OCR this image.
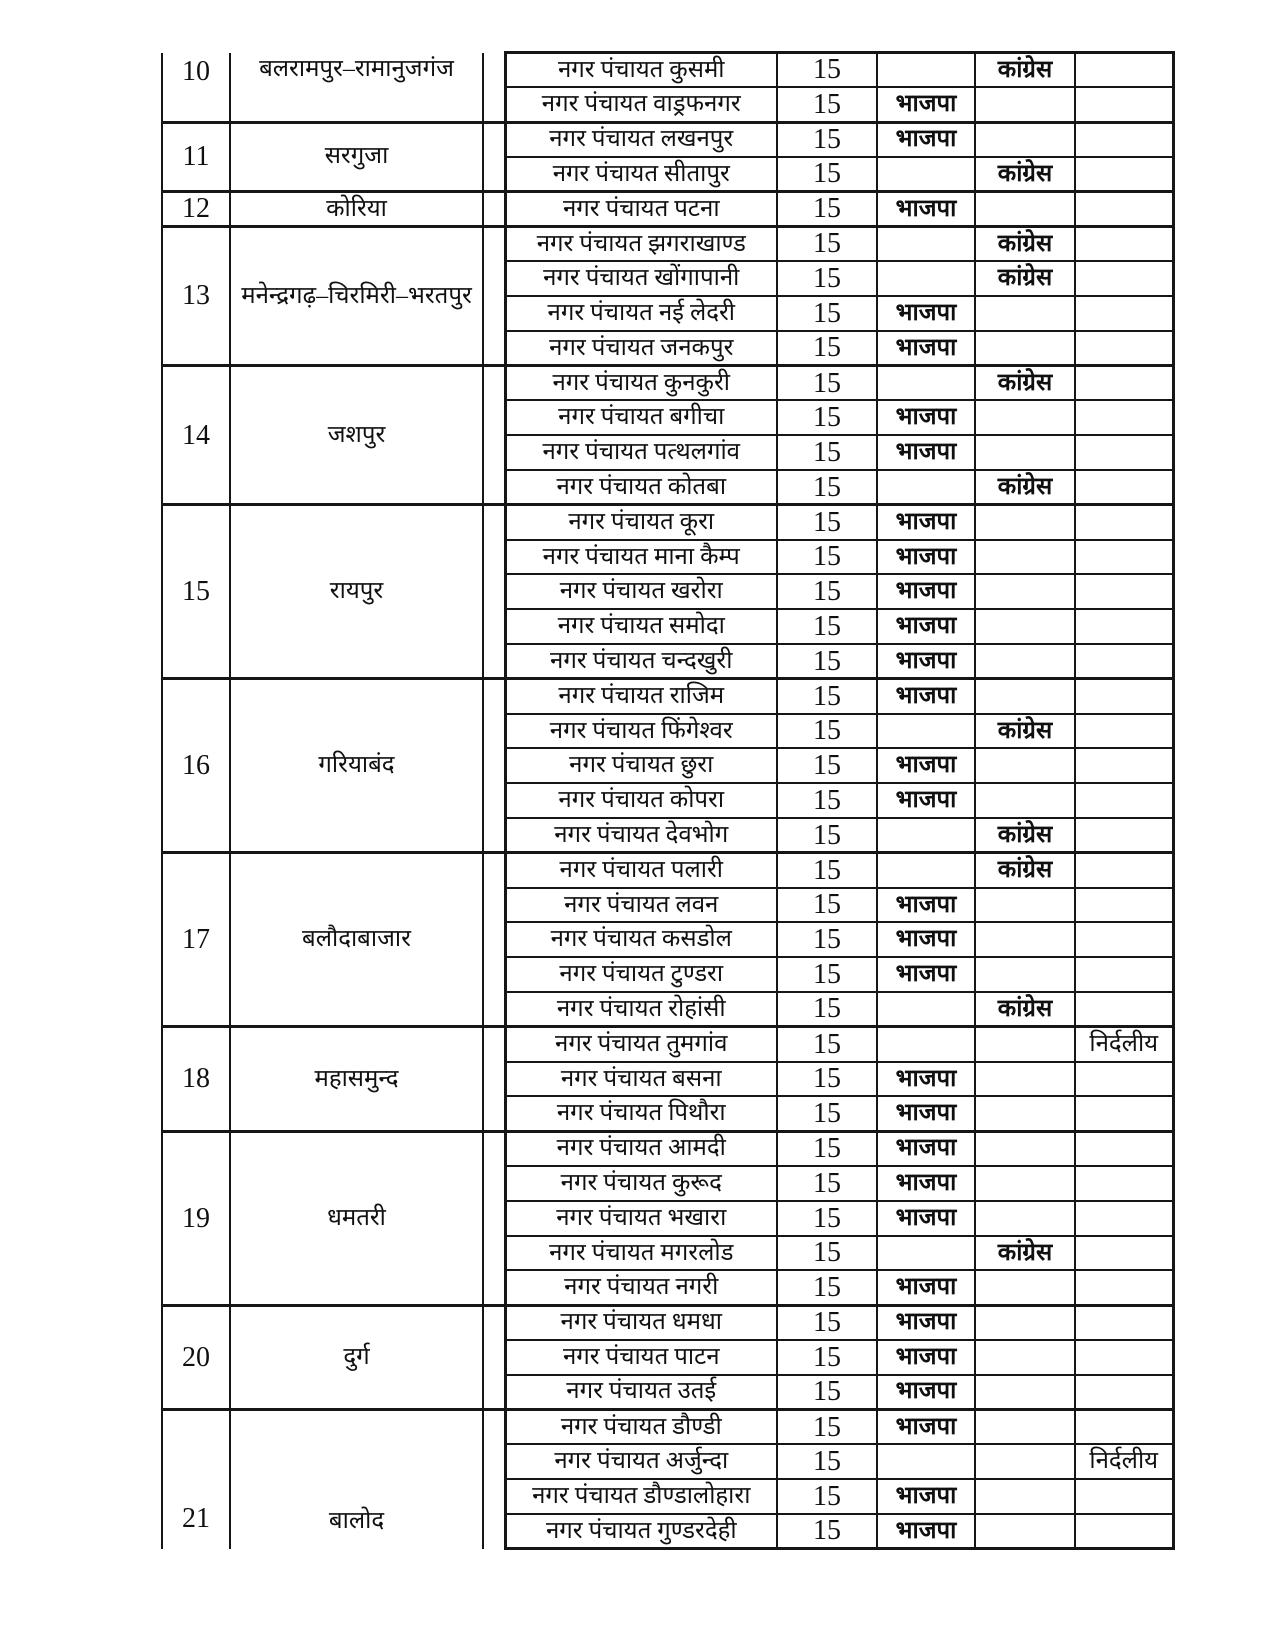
10	बलरामपुर–रामानुजगंज		नगर पंचायत कुसमी	15		कांग्रेस	
			नगर पंचायत वाड्रफनगर	15	भाजपा		
11	सरगुजा		नगर पंचायत लखनपुर	15	भाजपा		
			नगर पंचायत सीतापुर	15		कांग्रेस	
12	कोरिया		नगर पंचायत पटना	15	भाजपा		
13	मनेन्द्रगढ़–चिरमिरी–भरतपुर		नगर पंचायत झगराखाण्ड	15		कांग्रेस	
			नगर पंचायत खोंगापानी	15		कांग्रेस	
			नगर पंचायत नई लेदरी	15	भाजपा		
			नगर पंचायत जनकपुर	15	भाजपा		
14	जशपुर		नगर पंचायत कुनकुरी	15		कांग्रेस	
			नगर पंचायत बगीचा	15	भाजपा		
			नगर पंचायत पत्थलगांव	15	भाजपा		
			नगर पंचायत कोतबा	15		कांग्रेस	
15	रायपुर		नगर पंचायत कूरा	15	भाजपा		
			नगर पंचायत माना कैम्प	15	भाजपा		
			नगर पंचायत खरोरा	15	भाजपा		
			नगर पंचायत समोदा	15	भाजपा		
			नगर पंचायत चन्दखुरी	15	भाजपा		
16	गरियाबंद		नगर पंचायत राजिम	15	भाजपा		
			नगर पंचायत फिंगेश्वर	15		कांग्रेस	
			नगर पंचायत छुरा	15	भाजपा		
			नगर पंचायत कोपरा	15	भाजपा		
			नगर पंचायत देवभोग	15		कांग्रेस	
17	बलौदाबाजार		नगर पंचायत पलारी	15		कांग्रेस	
			नगर पंचायत लवन	15	भाजपा		
			नगर पंचायत कसडोल	15	भाजपा		
			नगर पंचायत टुण्डरा	15	भाजपा		
			नगर पंचायत रोहांसी	15		कांग्रेस	
18	महासमुन्द		नगर पंचायत तुमगांव	15			निर्दलीय
			नगर पंचायत बसना	15	भाजपा		
			नगर पंचायत पिथौरा	15	भाजपा		
19	धमतरी		नगर पंचायत आमदी	15	भाजपा		
			नगर पंचायत कुरूद	15	भाजपा		
			नगर पंचायत भखारा	15	भाजपा		
			नगर पंचायत मगरलोड	15		कांग्रेस	
			नगर पंचायत नगरी	15	भाजपा		
20	दुर्ग		नगर पंचायत धमधा	15	भाजपा		
			नगर पंचायत पाटन	15	भाजपा		
			नगर पंचायत उतई	15	भाजपा		
21	बालोद		नगर पंचायत डौण्डी	15	भाजपा		
			नगर पंचायत अर्जुन्दा	15			निर्दलीय
			नगर पंचायत डौण्डालोहारा	15	भाजपा		
			नगर पंचायत गुण्डरदेही	15	भाजपा		
